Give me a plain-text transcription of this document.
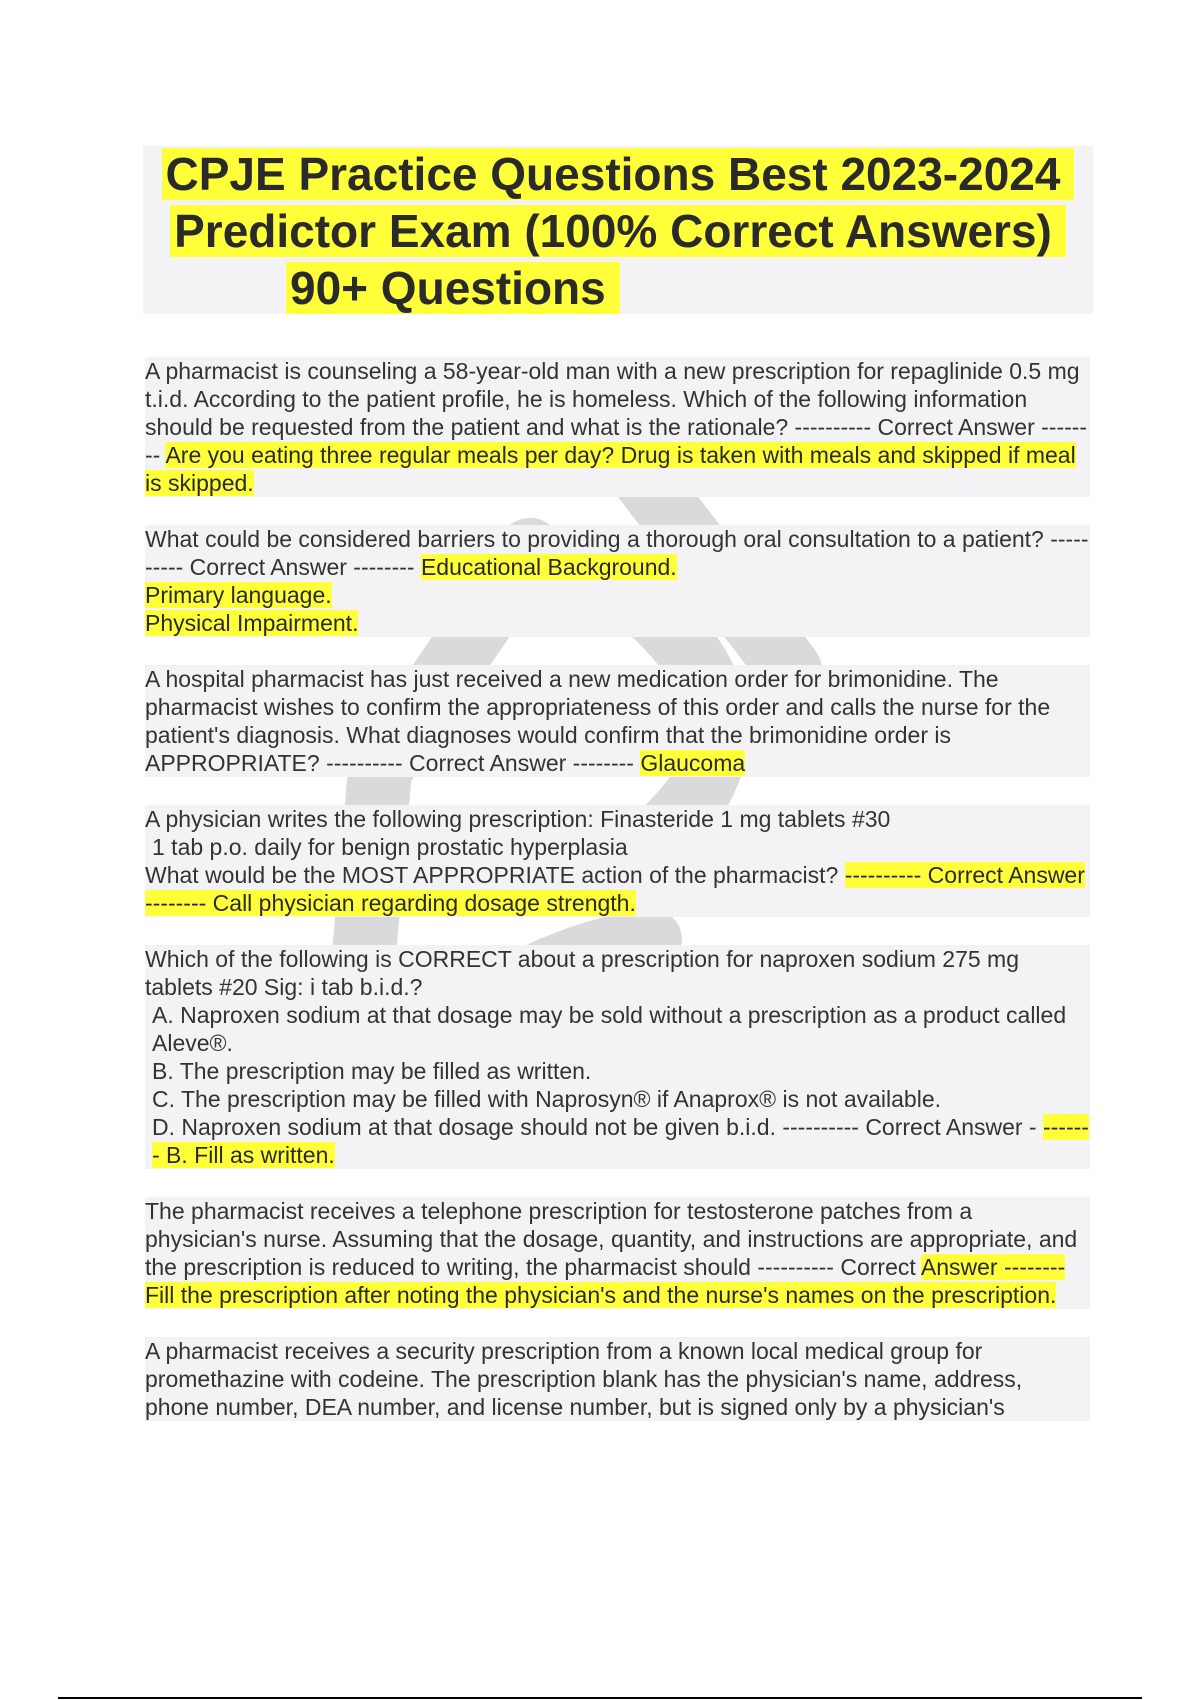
CPJE Practice Questions Best 2023-2024
Predictor Exam (100% Correct Answers)
90+ Questions

A pharmacist is counseling a 58-year-old man with a new prescription for repaglinide 0.5 mg t.i.d. According to the patient profile, he is homeless. Which of the following information should be requested from the patient and what is the rationale? ---------- Correct Answer -------- Are you eating three regular meals per day? Drug is taken with meals and skipped if meal is skipped.

What could be considered barriers to providing a thorough oral consultation to a patient? ---------- Correct Answer -------- Educational Background.

Primary language.

Physical Impairment.

A hospital pharmacist has just received a new medication order for brimonidine. The pharmacist wishes to confirm the appropriateness of this order and calls the nurse for the patient's diagnosis. What diagnoses would confirm that the brimonidine order is APPROPRIATE? ---------- Correct Answer -------- Glaucoma

A physician writes the following prescription: Finasteride 1 mg tablets #30

1 tab p.o. daily for benign prostatic hyperplasia

What would be the MOST APPROPRIATE action of the pharmacist? ---------- Correct Answer -------- Call physician regarding dosage strength.

Which of the following is CORRECT about a prescription for naproxen sodium 275 mg tablets #20 Sig: i tab b.i.d.?

A. Naproxen sodium at that dosage may be sold without a prescription as a product called Aleve®.

B. The prescription may be filled as written.

C. The prescription may be filled with Naprosyn® if Anaprox® is not available.

D. Naproxen sodium at that dosage should not be given b.i.d. ---------- Correct Answer - ------- B. Fill as written.

The pharmacist receives a telephone prescription for testosterone patches from a physician's nurse. Assuming that the dosage, quantity, and instructions are appropriate, and the prescription is reduced to writing, the pharmacist should ---------- Correct Answer -------- Fill the prescription after noting the physician's and the nurse's names on the prescription.

A pharmacist receives a security prescription from a known local medical group for promethazine with codeine. The prescription blank has the physician's name, address, phone number, DEA number, and license number, but is signed only by a physician's
